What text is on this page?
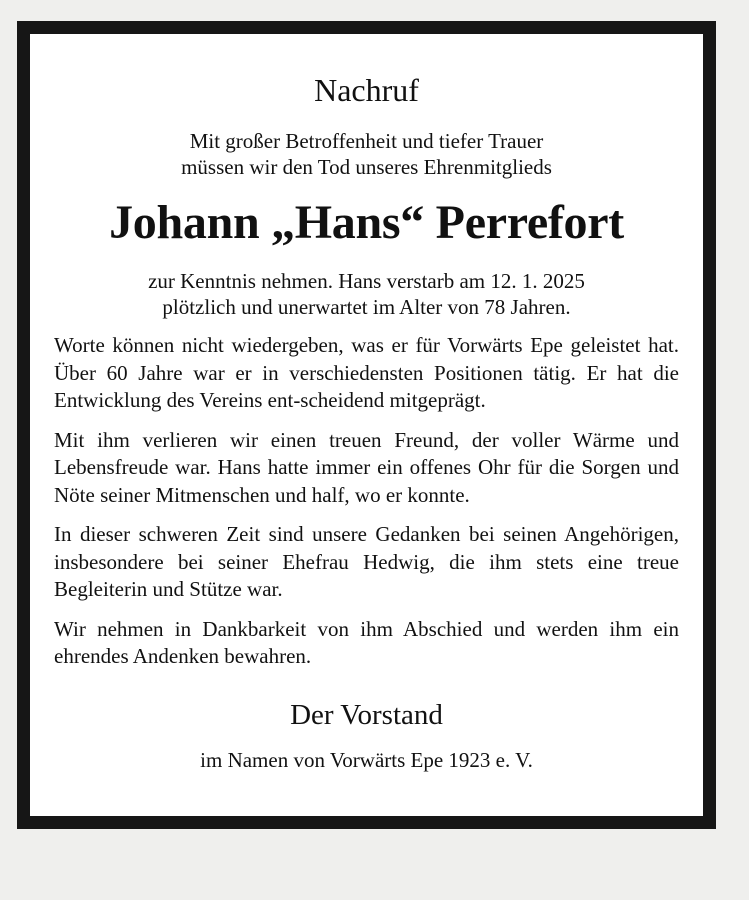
Nachruf

Mit großer Betroffenheit und tiefer Trauer
müssen wir den Tod unseres Ehrenmitglieds

Johann „Hans“ Perrefort

zur Kenntnis nehmen. Hans verstarb am 12. 1. 2025
plötzlich und unerwartet im Alter von 78 Jahren.

Worte können nicht wiedergeben, was er für Vorwärts Epe geleistet hat. Über 60 Jahre war er in verschiedensten Positionen tätig. Er hat die Entwicklung des Vereins ent-scheidend mitgeprägt.

Mit ihm verlieren wir einen treuen Freund, der voller Wärme und Lebensfreude war. Hans hatte immer ein offenes Ohr für die Sorgen und Nöte seiner Mitmenschen und half, wo er konnte.

In dieser schweren Zeit sind unsere Gedanken bei seinen Angehörigen, insbesondere bei seiner Ehefrau Hedwig, die ihm stets eine treue Begleiterin und Stütze war.

Wir nehmen in Dankbarkeit von ihm Abschied und werden ihm ein ehrendes Andenken bewahren.

Der Vorstand
im Namen von Vorwärts Epe 1923 e. V.
